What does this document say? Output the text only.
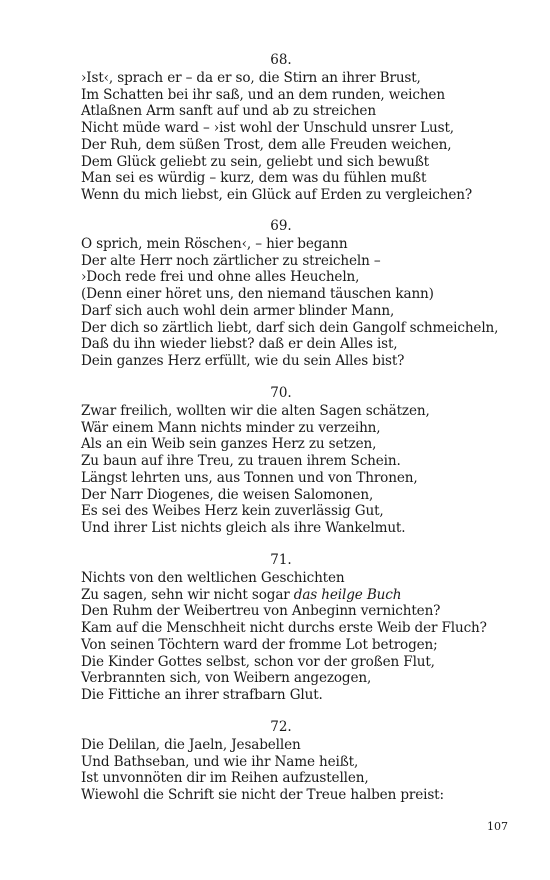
68.
›Ist‹, sprach er – da er so, die Stirn an ihrer Brust,
Im Schatten bei ihr saß, und an dem runden, weichen
Atlaßnen Arm sanft auf und ab zu streichen
Nicht müde ward – ›ist wohl der Unschuld unsrer Lust,
Der Ruh, dem süßen Trost, dem alle Freuden weichen,
Dem Glück geliebt zu sein, geliebt und sich bewußt
Man sei es würdig – kurz, dem was du fühlen mußt
Wenn du mich liebst, ein Glück auf Erden zu vergleichen?
69.
O sprich, mein Röschen‹, – hier begann
Der alte Herr noch zärtlicher zu streicheln –
›Doch rede frei und ohne alles Heucheln,
(Denn einer höret uns, den niemand täuschen kann)
Darf sich auch wohl dein armer blinder Mann,
Der dich so zärtlich liebt, darf sich dein Gangolf schmeicheln,
Daß du ihn wieder liebst? daß er dein Alles ist,
Dein ganzes Herz erfüllt, wie du sein Alles bist?
70.
Zwar freilich, wollten wir die alten Sagen schätzen,
Wär einem Mann nichts minder zu verzeihn,
Als an ein Weib sein ganzes Herz zu setzen,
Zu baun auf ihre Treu, zu trauen ihrem Schein.
Längst lehrten uns, aus Tonnen und von Thronen,
Der Narr Diogenes, die weisen Salomonen,
Es sei des Weibes Herz kein zuverlässig Gut,
Und ihrer List nichts gleich als ihre Wankelmut.
71.
Nichts von den weltlichen Geschichten
Zu sagen, sehn wir nicht sogar das heilge Buch
Den Ruhm der Weibertreu von Anbeginn vernichten?
Kam auf die Menschheit nicht durchs erste Weib der Fluch?
Von seinen Töchtern ward der fromme Lot betrogen;
Die Kinder Gottes selbst, schon vor der großen Flut,
Verbrannten sich, von Weibern angezogen,
Die Fittiche an ihrer strafbarn Glut.
72.
Die Delilan, die Jaeln, Jesabellen
Und Bathseban, und wie ihr Name heißt,
Ist unvonnöten dir im Reihen aufzustellen,
Wiewohl die Schrift sie nicht der Treue halben preist:
107
